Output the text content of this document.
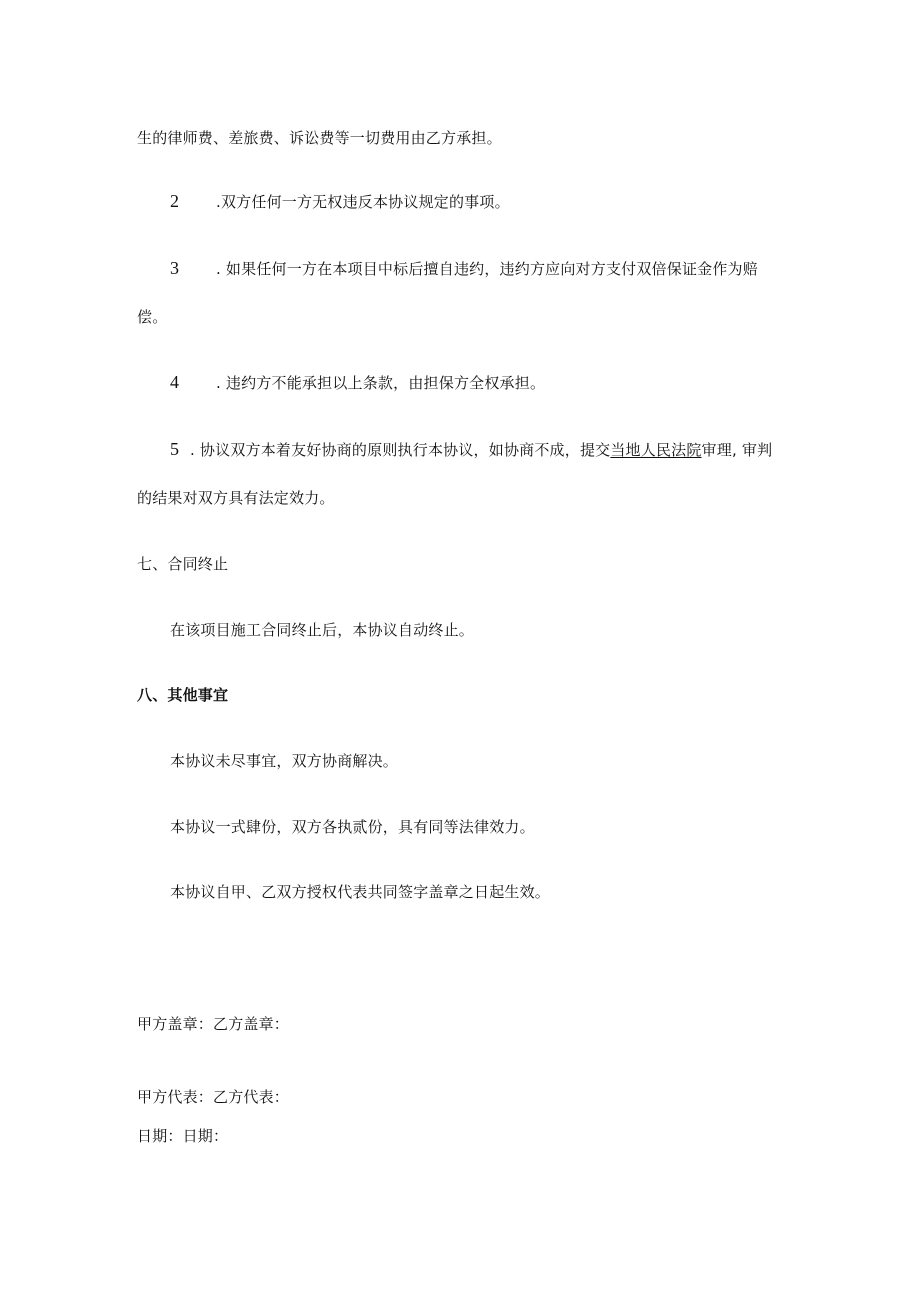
生的律师费、差旅费、诉讼费等一切费用由乙方承担。
2 .双方任何一方无权违反本协议规定的事项。
3 . 如果任何一方在本项目中标后擅自违约，违约方应向对方支付双倍保证金作为赔
偿。
4 . 违约方不能承担以上条款，由担保方全权承担。
5 . 协议双方本着友好协商的原则执行本协议，如协商不成，提交当地人民法院审理, 审判
的结果对双方具有法定效力。
七、合同终止
在该项目施工合同终止后，本协议自动终止。
八、其他事宜
本协议未尽事宜，双方协商解决。
本协议一式肆份，双方各执贰份，具有同等法律效力。
本协议自甲、乙双方授权代表共同签字盖章之日起生效。
甲方盖章：乙方盖章：
甲方代表：乙方代表：
日期：日期：
